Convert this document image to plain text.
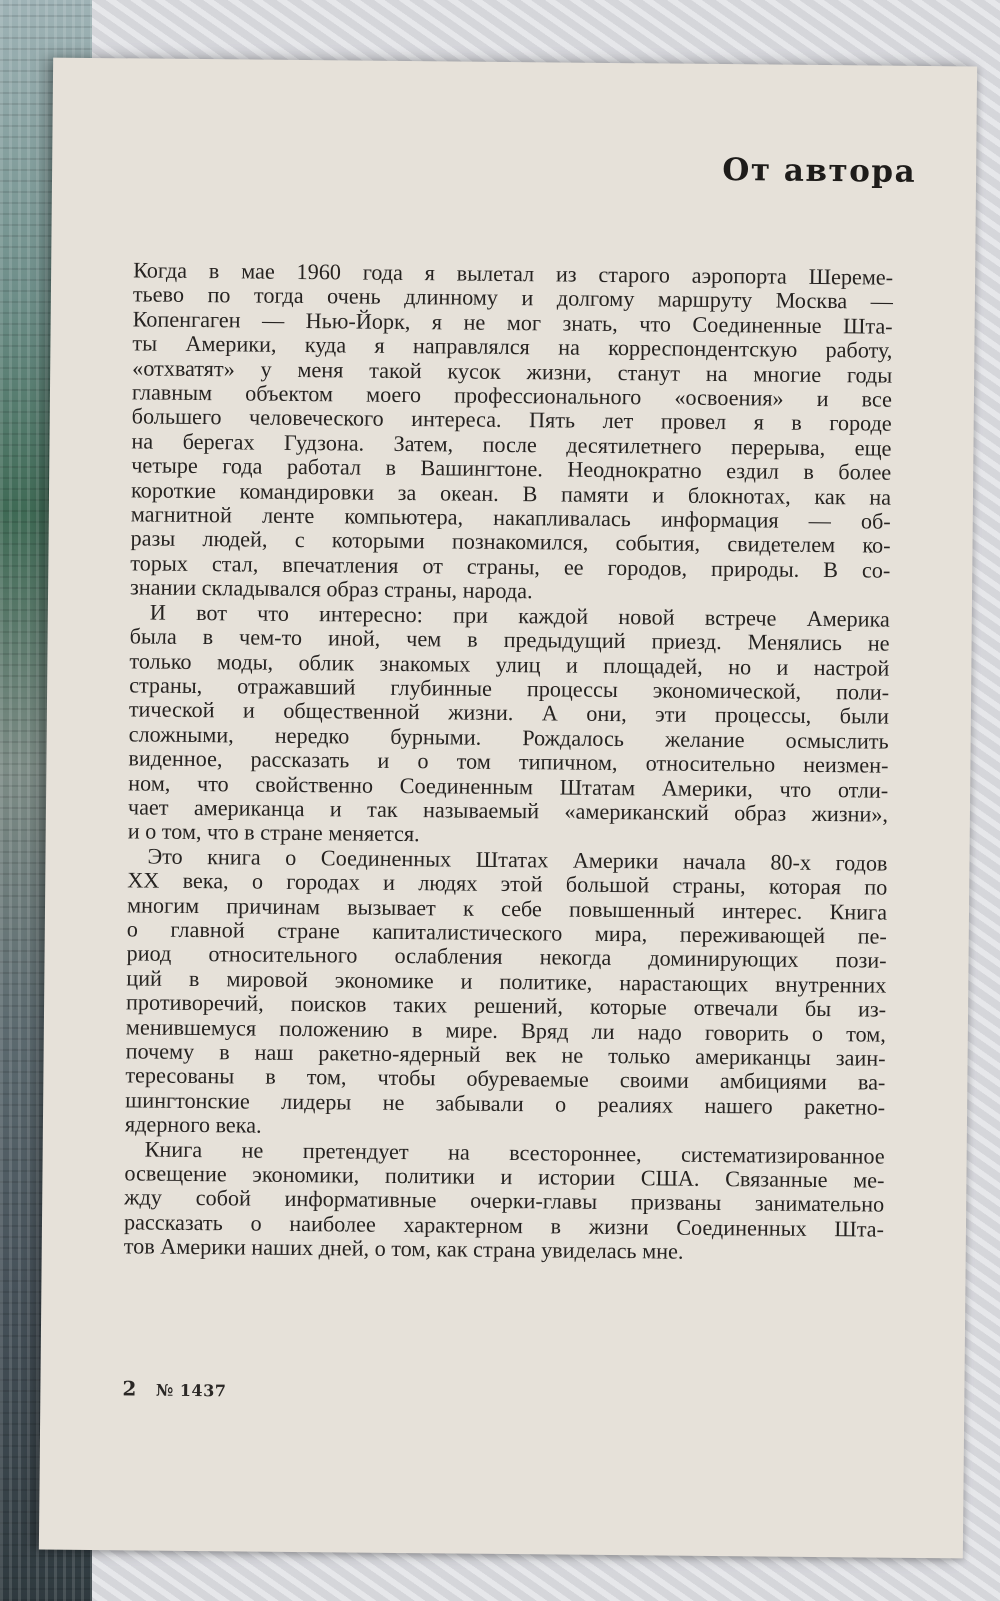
От автора
Когда в мае 1960 года я вылетал из старого аэропорта Шереме-
тьево по тогда очень длинному и долгому маршруту Москва —
Копенгаген — Нью-Йорк, я не мог знать, что Соединенные Шта-
ты Америки, куда я направлялся на корреспондентскую работу,
«отхватят» у меня такой кусок жизни, станут на многие годы
главным объектом моего профессионального «освоения» и все
большего человеческого интереса. Пять лет провел я в городе
на берегах Гудзона. Затем, после десятилетнего перерыва, еще
четыре года работал в Вашингтоне. Неоднократно ездил в более
короткие командировки за океан. В памяти и блокнотах, как на
магнитной ленте компьютера, накапливалась информация — об-
разы людей, с которыми познакомился, события, свидетелем ко-
торых стал, впечатления от страны, ее городов, природы. В со-
знании складывался образ страны, народа.
И вот что интересно: при каждой новой встрече Америка
была в чем-то иной, чем в предыдущий приезд. Менялись не
только моды, облик знакомых улиц и площадей, но и настрой
страны, отражавший глубинные процессы экономической, поли-
тической и общественной жизни. А они, эти процессы, были
сложными, нередко бурными. Рождалось желание осмыслить
виденное, рассказать и о том типичном, относительно неизмен-
ном, что свойственно Соединенным Штатам Америки, что отли-
чает американца и так называемый «американский образ жизни»,
и о том, что в стране меняется.
Это книга о Соединенных Штатах Америки начала 80-х годов
XX века, о городах и людях этой большой страны, которая по
многим причинам вызывает к себе повышенный интерес. Книга
о главной стране капиталистического мира, переживающей пе-
риод относительного ослабления некогда доминирующих пози-
ций в мировой экономике и политике, нарастающих внутренних
противоречий, поисков таких решений, которые отвечали бы из-
менившемуся положению в мире. Вряд ли надо говорить о том,
почему в наш ракетно-ядерный век не только американцы заин-
тересованы в том, чтобы обуреваемые своими амбициями ва-
шингтонские лидеры не забывали о реалиях нашего ракетно-
ядерного века.
Книга не претендует на всестороннее, систематизированное
освещение экономики, политики и истории США. Связанные ме-
жду собой информативные очерки-главы призваны занимательно
рассказать о наиболее характерном в жизни Соединенных Шта-
тов Америки наших дней, о том, как страна увиделась мне.
2 № 1437
